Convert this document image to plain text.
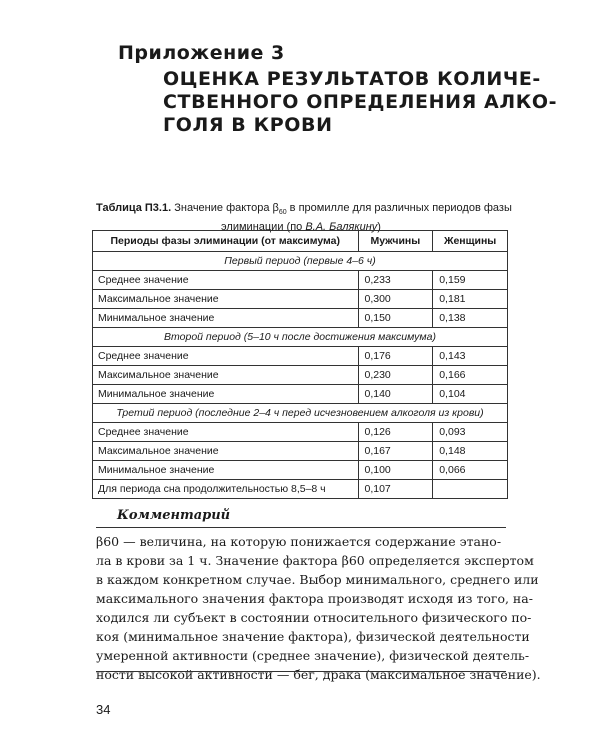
Приложение 3
ОЦЕНКА РЕЗУЛЬТАТОВ КОЛИЧЕ-
СТВЕННОГО ОПРЕДЕЛЕНИЯ АЛКО-
ГОЛЯ В КРОВИ
Таблица П3.1. Значение фактора $\beta_{60}$ в промилле для различных периодов фазы
элиминации (по В.А. Балякину)
Периоды фазы элиминации (от максимума)	Мужчины	Женщины
Первый период (первые 4–6 ч)		
Среднее значение	0,233	0,159
Максимальное значение	0,300	0,181
Минимальное значение	0,150	0,138
Второй период (5–10 ч после достижения максимума)		
Среднее значение	0,176	0,143
Максимальное значение	0,230	0,166
Минимальное значение	0,140	0,104
Третий период (последние 2–4 ч перед исчезновением алкоголя из крови)		
Среднее значение	0,126	0,093
Максимальное значение	0,167	0,148
Минимальное значение	0,100	0,066
Для периода сна продолжительностью 8,5–8 ч	0,107	
Комментарий
β60 — величина, на которую понижается содержание этано-
ла в крови за 1 ч. Значение фактора β60 определяется экспертом
в каждом конкретном случае. Выбор минимального, среднего или
максимального значения фактора производят исходя из того, на-
ходился ли субъект в состоянии относительного физического по-
коя (минимальное значение фактора), физической деятельности
умеренной активности (среднее значение), физической деятель-
ности высокой активности — бег, драка (максимальное значение).
34
